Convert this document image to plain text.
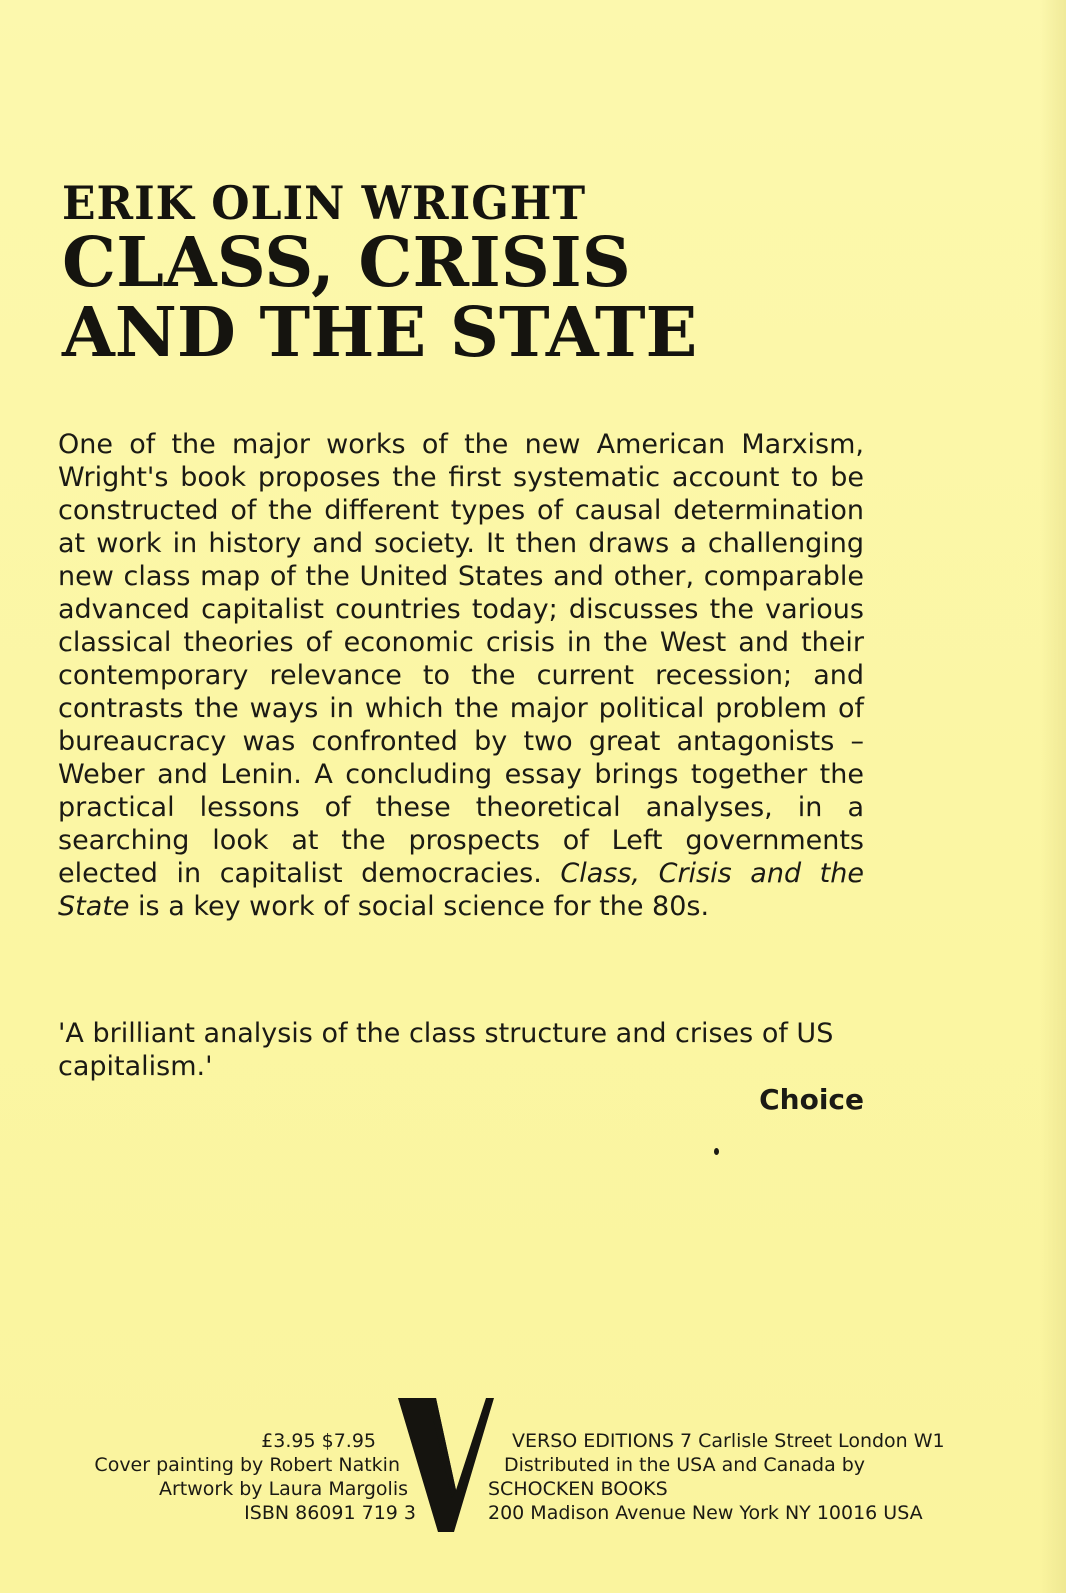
ERIK OLIN WRIGHT
CLASS, CRISIS
AND THE STATE

One of the major works of the new American Marxism, Wright's book proposes the first systematic account to be constructed of the different types of causal determination at work in history and society. It then draws a challenging new class map of the United States and other, comparable advanced capitalist countries today; discusses the various classical theories of economic crisis in the West and their contemporary relevance to the current recession; and contrasts the ways in which the major political problem of bureaucracy was confronted by two great antagonists – Weber and Lenin. A concluding essay brings together the practical lessons of these theoretical analyses, in a searching look at the prospects of Left governments elected in capitalist democracies. Class, Crisis and the State is a key work of social science for the 80s.

'A brilliant analysis of the class structure and crises of US capitalism.'
Choice
£3.95 $7.95
Cover painting by Robert Natkin
Artwork by Laura Margolis
ISBN 86091 719 3
VERSO EDITIONS 7 Carlisle Street London W1
Distributed in the USA and Canada by
SCHOCKEN BOOKS
200 Madison Avenue New York NY 10016 USA
